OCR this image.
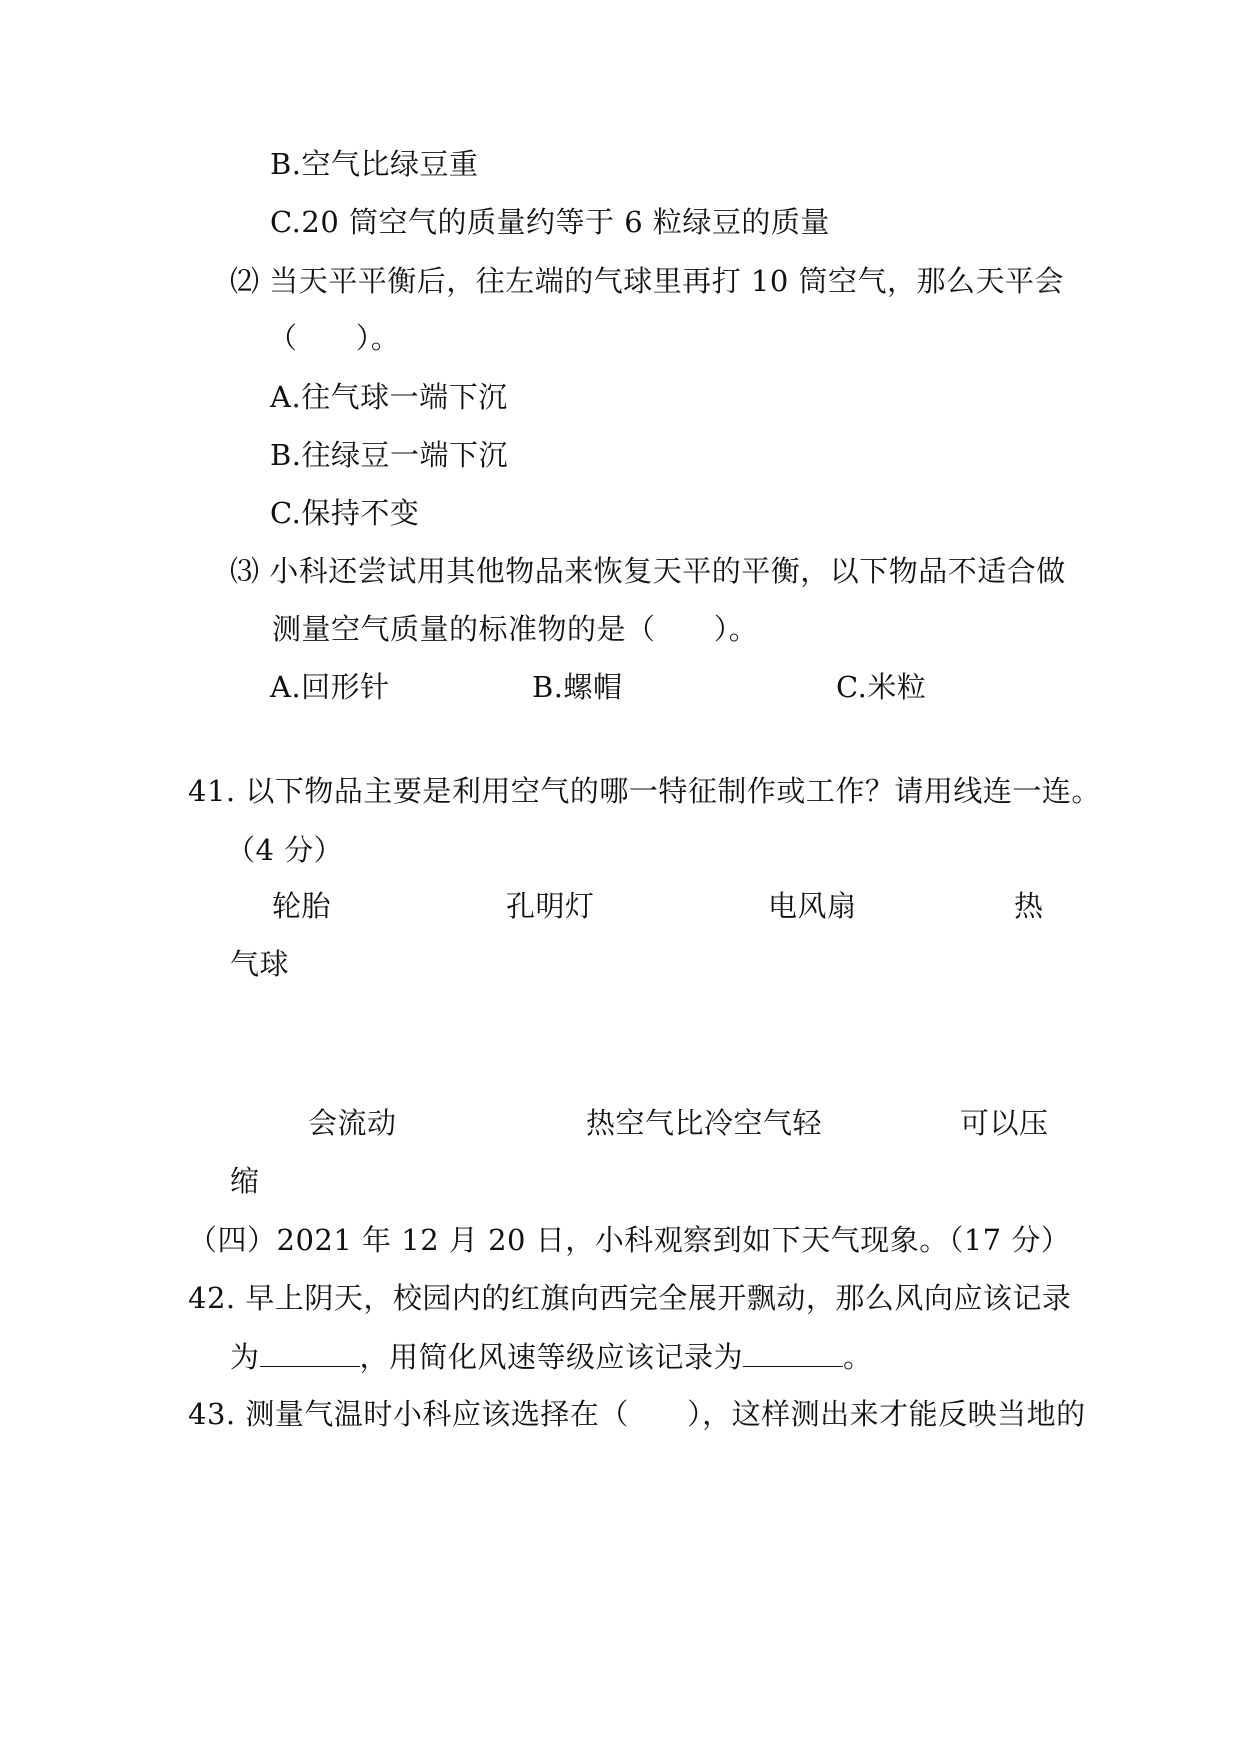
B.空气比绿豆重
C.20 筒空气的质量约等于 6 粒绿豆的质量
⑵ 当天平平衡后，往左端的气球里再打 10 筒空气，那么天平会
（      ）。
A.往气球一端下沉
B.往绿豆一端下沉
C.保持不变
⑶ 小科还尝试用其他物品来恢复天平的平衡，以下物品不适合做
测量空气质量的标准物的是（      ）。
A.回形针	B.螺帽	C.米粒
41. 以下物品主要是利用空气的哪一特征制作或工作？请用线连一连。
（4 分）
轮胎	孔明灯	电风扇	热
气球
会流动	热空气比冷空气轻	可以压
缩
（四）2021 年 12 月 20 日，小科观察到如下天气现象。（17 分）
42. 早上阴天，校园内的红旗向西完全展开飘动，那么风向应该记录
为	，用简化风速等级应该记录为	。
43. 测量气温时小科应该选择在（      ），这样测出来才能反映当地的
